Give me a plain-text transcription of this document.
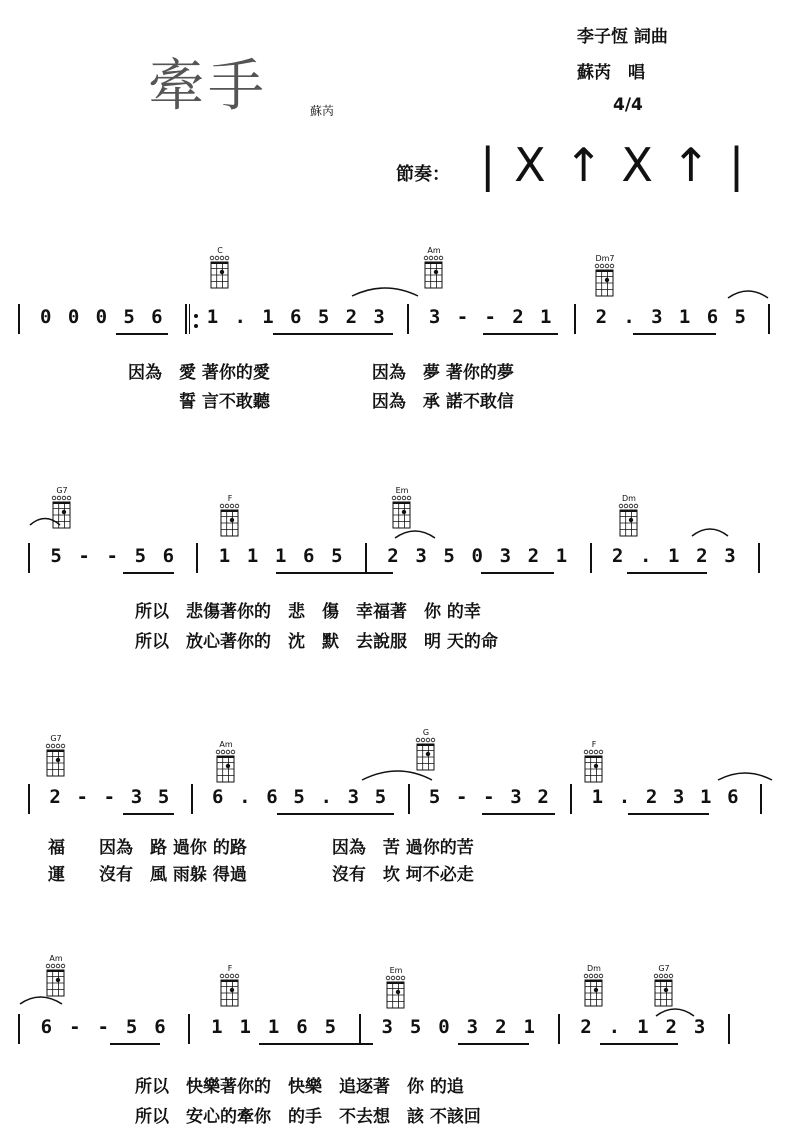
牽手	蘇芮
李子恆 詞曲
蘇芮　唱
4/4
節奏： | X ↑ X ↑ |
C	Am
Dm7
G7
F
Em
Dm
G7
Am
G
F
Am
F	Em	Dm	G7
0 0 0 5 6 1 . 1 6 5 2 3 3 - - 2 1 2 . 3 1 6 5
5 - - 5 6 1 1 1 6 5 2 3 5 0 3 2 1 2 . 1 2 3
2 - - 3 5 6 . 6 5 . 3 5 5 - - 3 2 1 . 2 3 1 6
6 - - 5 6 1 1 1 6 5 3 5 0 3 2 1 2 . 1 2 3
因為　愛 著你的愛　　　　　　因為　夢 著你的夢
　　　誓 言不敢聽　　　　　　因為　承 諾不敢信
所以　悲傷著你的　悲　傷　幸福著　你 的幸
所以　放心著你的　沈　默　去說服　明 天的命
福　　因為　路 過你 的路　　　　　因為　苦 過你的苦
運　　沒有　風 雨躲 得過　　　　　沒有　坎 坷不必走
所以　快樂著你的　快樂　追逐著　你 的追
所以　安心的牽你　的手　不去想　該 不該回
